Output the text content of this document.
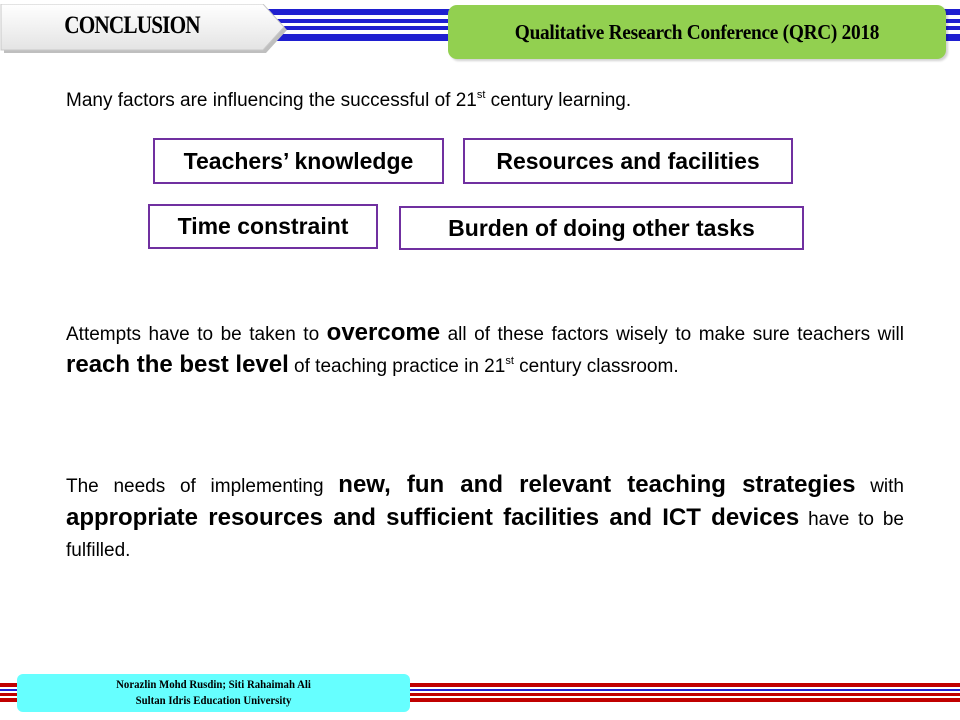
CONCLUSION	Qualitative Research Conference (QRC) 2018
Many factors are influencing the successful of 21st century learning.
Teachers’ knowledge	Resources and facilities
Time constraint	Burden of doing other tasks
Attempts have to be taken to overcome all of these factors wisely to make sure teachers will reach the best level of teaching practice in 21st century classroom.
The needs of implementing new, fun and relevant teaching strategies with appropriate resources and sufficient facilities and ICT devices have to be fulfilled.
Norazlin Mohd Rusdin; Siti Rahaimah Ali
Sultan Idris Education University
